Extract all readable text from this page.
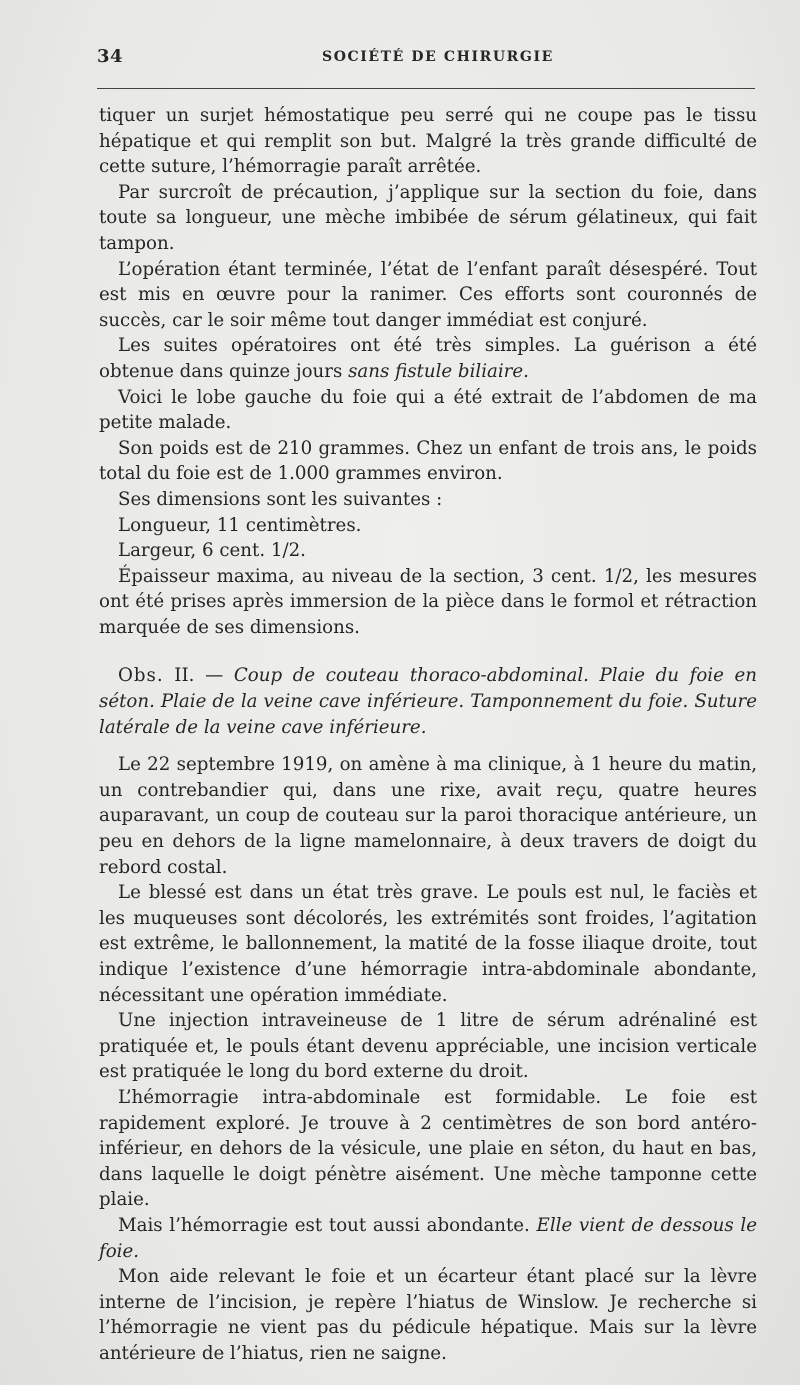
34	SOCIÉTÉ DE CHIRURGIE

tiquer un surjet hémostatique peu serré qui ne coupe pas le tissu hépatique et qui remplit son but. Malgré la très grande difficulté de cette suture, l’hémorragie paraît arrêtée.

Par surcroît de précaution, j’applique sur la section du foie, dans toute sa longueur, une mèche imbibée de sérum gélatineux, qui fait tampon.

L’opération étant terminée, l’état de l’enfant paraît désespéré. Tout est mis en œuvre pour la ranimer. Ces efforts sont couronnés de succès, car le soir même tout danger immédiat est conjuré.

Les suites opératoires ont été très simples. La guérison a été obtenue dans quinze jours sans fistule biliaire.

Voici le lobe gauche du foie qui a été extrait de l’abdomen de ma petite malade.

Son poids est de 210 grammes. Chez un enfant de trois ans, le poids total du foie est de 1.000 grammes environ.

Ses dimensions sont les suivantes :

Longueur, 11 centimètres.

Largeur, 6 cent. 1/2.

Épaisseur maxima, au niveau de la section, 3 cent. 1/2, les mesures ont été prises après immersion de la pièce dans le formol et rétraction marquée de ses dimensions.

Obs. II. — Coup de couteau thoraco-abdominal. Plaie du foie en séton. Plaie de la veine cave inférieure. Tamponnement du foie. Suture latérale de la veine cave inférieure.

Le 22 septembre 1919, on amène à ma clinique, à 1 heure du matin, un contrebandier qui, dans une rixe, avait reçu, quatre heures auparavant, un coup de couteau sur la paroi thoracique antérieure, un peu en dehors de la ligne mamelonnaire, à deux travers de doigt du rebord costal.

Le blessé est dans un état très grave. Le pouls est nul, le faciès et les muqueuses sont décolorés, les extrémités sont froides, l’agitation est extrême, le ballonnement, la matité de la fosse iliaque droite, tout indique l’existence d’une hémorragie intra-abdominale abondante, nécessitant une opération immédiate.

Une injection intraveineuse de 1 litre de sérum adrénaliné est pratiquée et, le pouls étant devenu appréciable, une incision verticale est pratiquée le long du bord externe du droit.

L’hémorragie intra-abdominale est formidable. Le foie est rapidement exploré. Je trouve à 2 centimètres de son bord antéro-inférieur, en dehors de la vésicule, une plaie en séton, du haut en bas, dans laquelle le doigt pénètre aisément. Une mèche tamponne cette plaie.

Mais l’hémorragie est tout aussi abondante. Elle vient de dessous le foie.

Mon aide relevant le foie et un écarteur étant placé sur la lèvre interne de l’incision, je repère l’hiatus de Winslow. Je recherche si l’hémorragie ne vient pas du pédicule hépatique. Mais sur la lèvre antérieure de l’hiatus, rien ne saigne.
